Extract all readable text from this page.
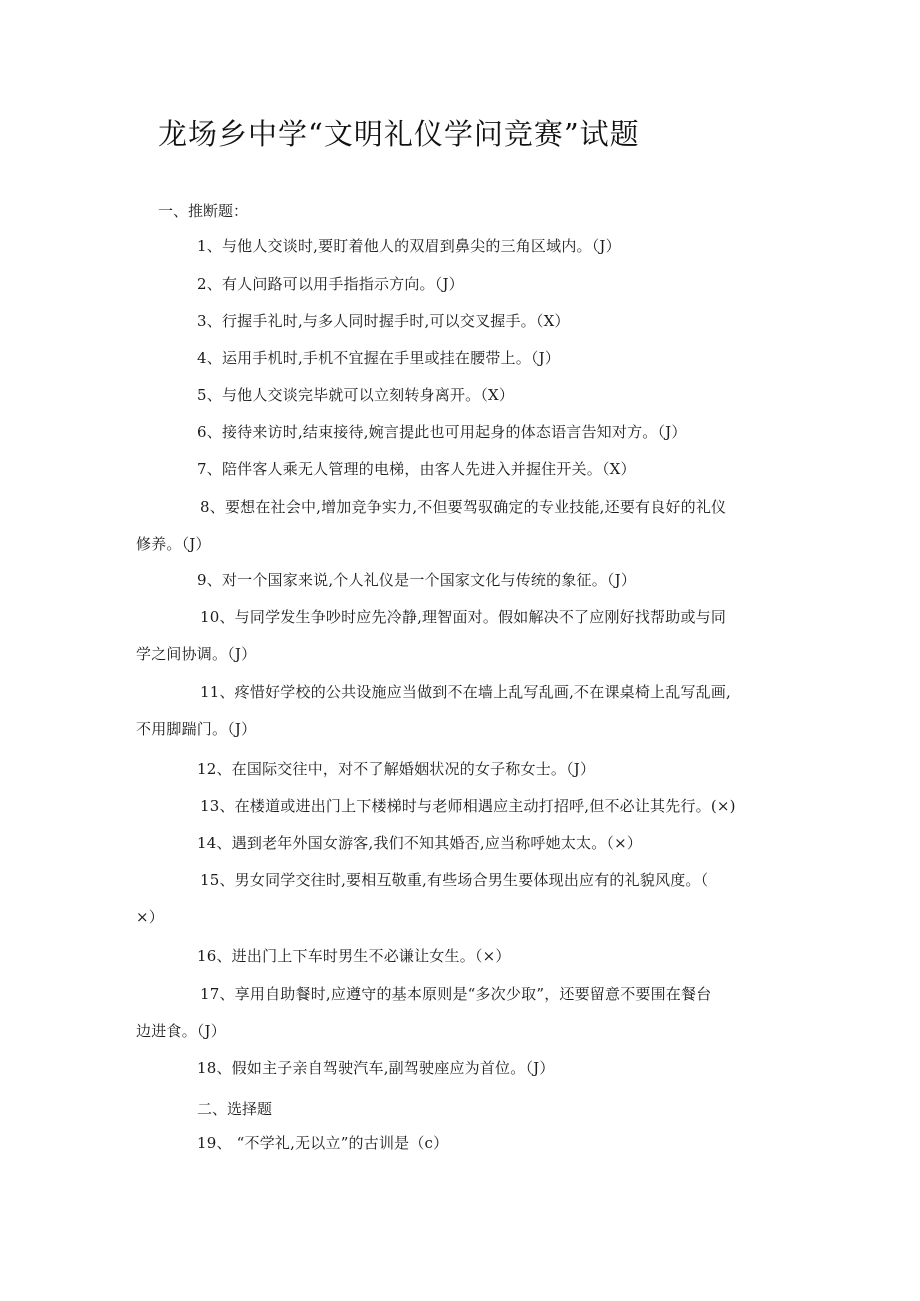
龙场乡中学“文明礼仪学问竞赛”试题
一、推断题：
1、与他人交谈时,要盯着他人的双眉到鼻尖的三角区域内。（J）
2、有人问路可以用手指指示方向。（J）
3、行握手礼时,与多人同时握手时,可以交叉握手。（X）
4、运用手机时,手机不宜握在手里或挂在腰带上。（J）
5、与他人交谈完毕就可以立刻转身离开。（X）
6、接待来访时,结束接待,婉言提此也可用起身的体态语言告知对方。（J）
7、陪伴客人乘无人管理的电梯，由客人先进入并握住开关。（X）
8、要想在社会中,增加竞争实力,不但要驾驭确定的专业技能,还要有良好的礼仪
修养。（J）
9、对一个国家来说,个人礼仪是一个国家文化与传统的象征。（J）
10、与同学发生争吵时应先冷静,理智面对。假如解决不了应刚好找帮助或与同
学之间协调。（J）
11、疼惜好学校的公共设施应当做到不在墙上乱写乱画,不在课桌椅上乱写乱画,
不用脚踹门。（J）
12、在国际交往中，对不了解婚姻状况的女子称女士。（J）
13、在楼道或进出门上下楼梯时与老师相遇应主动打招呼,但不必让其先行。(×)
14、遇到老年外国女游客,我们不知其婚否,应当称呼她太太。（×）
15、男女同学交往时,要相互敬重,有些场合男生要体现出应有的礼貌风度。（
×）
16、进出门上下车时男生不必谦让女生。（×）
17、享用自助餐时,应遵守的基本原则是“多次少取”，还要留意不要围在餐台
边进食。（J）
18、假如主子亲自驾驶汽车,副驾驶座应为首位。（J）
二、选择题
19、 “不学礼,无以立”的古训是（c）
